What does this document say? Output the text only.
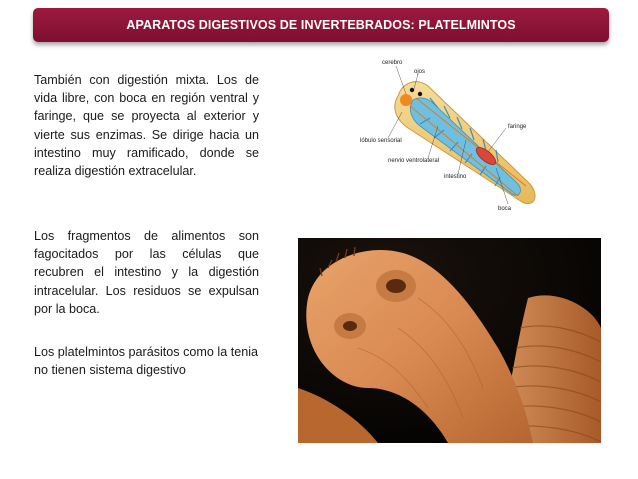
APARATOS DIGESTIVOS DE INVERTEBRADOS: PLATELMINTOS

También con digestión mixta. Los de vida libre, con boca en región ventral y faringe, que se proyecta al exterior y vierte sus enzimas. Se dirige hacia un intestino muy ramificado, donde se realiza digestión extracelular.

Los fragmentos de alimentos son fagocitados por las células que recubren el intestino y la digestión intracelular. Los residuos se expulsan por la boca.

Los platelmintos parásitos como la tenia no tienen sistema digestivo

cerebro
ojos
lóbulo sensorial
faringe
nervio ventrolateral
intestino
boca
